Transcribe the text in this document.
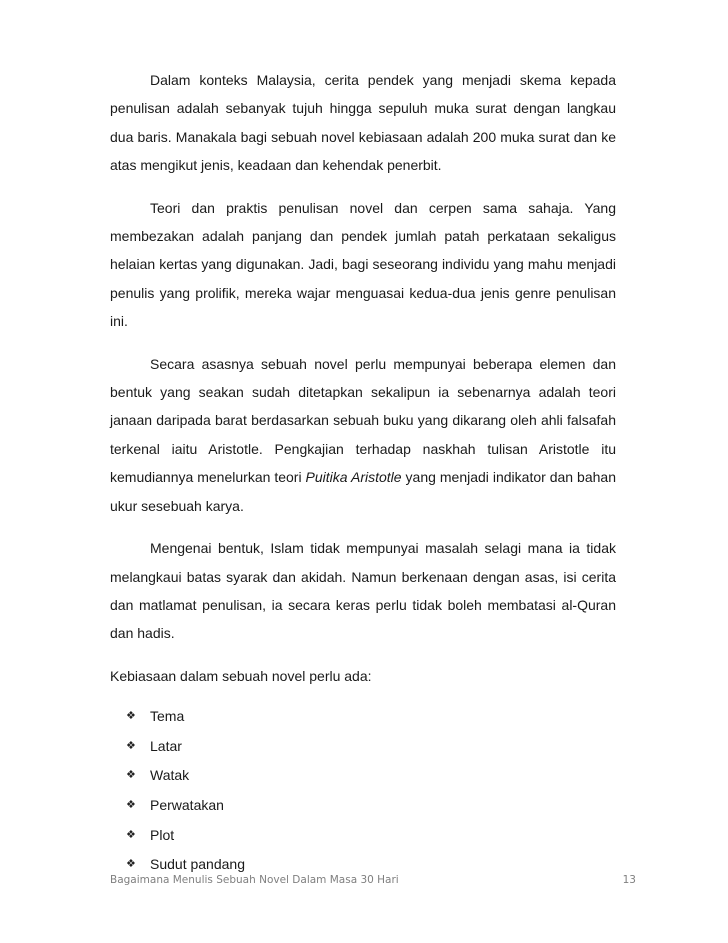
Dalam konteks Malaysia, cerita pendek yang menjadi skema kepada penulisan adalah sebanyak tujuh hingga sepuluh muka surat dengan langkau dua baris. Manakala bagi sebuah novel kebiasaan adalah 200 muka surat dan ke atas mengikut jenis, keadaan dan kehendak penerbit.

Teori dan praktis penulisan novel dan cerpen sama sahaja. Yang membezakan adalah panjang dan pendek jumlah patah perkataan sekaligus helaian kertas yang digunakan. Jadi, bagi seseorang individu yang mahu menjadi penulis yang prolifik, mereka wajar menguasai kedua-dua jenis genre penulisan ini.

Secara asasnya sebuah novel perlu mempunyai beberapa elemen dan bentuk yang seakan sudah ditetapkan sekalipun ia sebenarnya adalah teori janaan daripada barat berdasarkan sebuah buku yang dikarang oleh ahli falsafah terkenal iaitu Aristotle. Pengkajian terhadap naskhah tulisan Aristotle itu kemudiannya menelurkan teori Puitika Aristotle yang menjadi indikator dan bahan ukur sesebuah karya.

Mengenai bentuk, Islam tidak mempunyai masalah selagi mana ia tidak melangkaui batas syarak dan akidah. Namun berkenaan dengan asas, isi cerita dan matlamat penulisan, ia secara keras perlu tidak boleh membatasi al-Quran dan hadis.

Kebiasaan dalam sebuah novel perlu ada:

❖	Tema
❖	Latar
❖	Watak
❖	Perwatakan
❖	Plot
❖	Sudut pandang
Bagaimana Menulis Sebuah Novel Dalam Masa 30 Hari	13
